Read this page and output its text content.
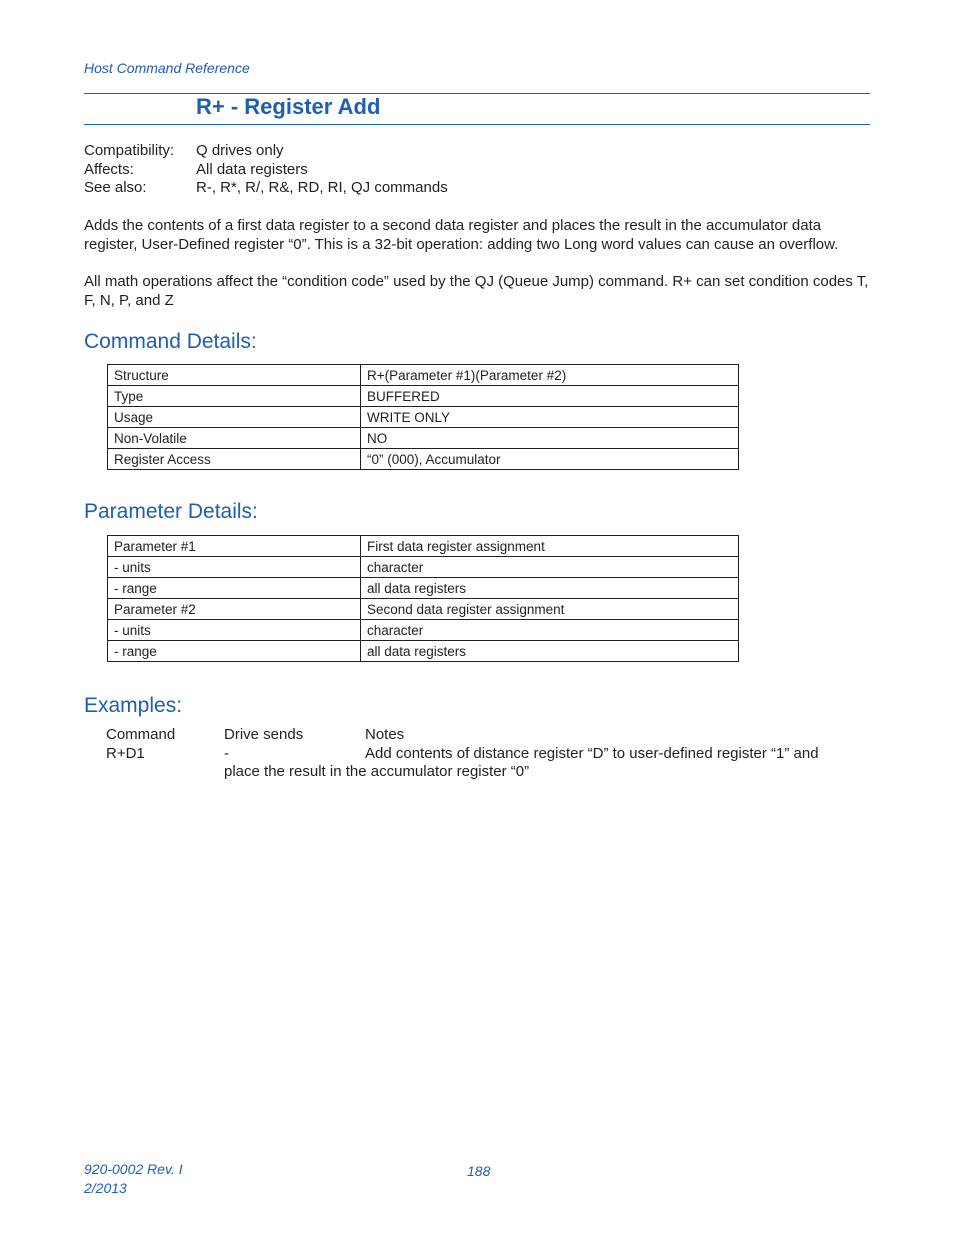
Host Command Reference
R+ - Register Add
Compatibility:	Q drives only
Affects:	All data registers
See also:	R-, R*, R/, R&, RD, RI, QJ commands
Adds the contents of a first data register to a second data register and places the result in the accumulator data register, User-Defined register “0”. This is a 32-bit operation: adding two Long word values can cause an overflow.
All math operations affect the “condition code” used by the QJ (Queue Jump) command. R+ can set condition codes T, F, N, P, and Z
Command Details:
Structure	R+(Parameter #1)(Parameter #2)
Type	BUFFERED
Usage	WRITE ONLY
Non-Volatile	NO
Register Access	“0” (000), Accumulator
Parameter Details:
Parameter #1	First data register assignment
- units	character
- range	all data registers
Parameter #2	Second data register assignment
- units	character
- range	all data registers
Examples:
Command	Drive sends	Notes
R+D1	-	Add contents of distance register “D” to user-defined register “1” and
place the result in the accumulator register “0”
920-0002 Rev. I
2/2013
188
